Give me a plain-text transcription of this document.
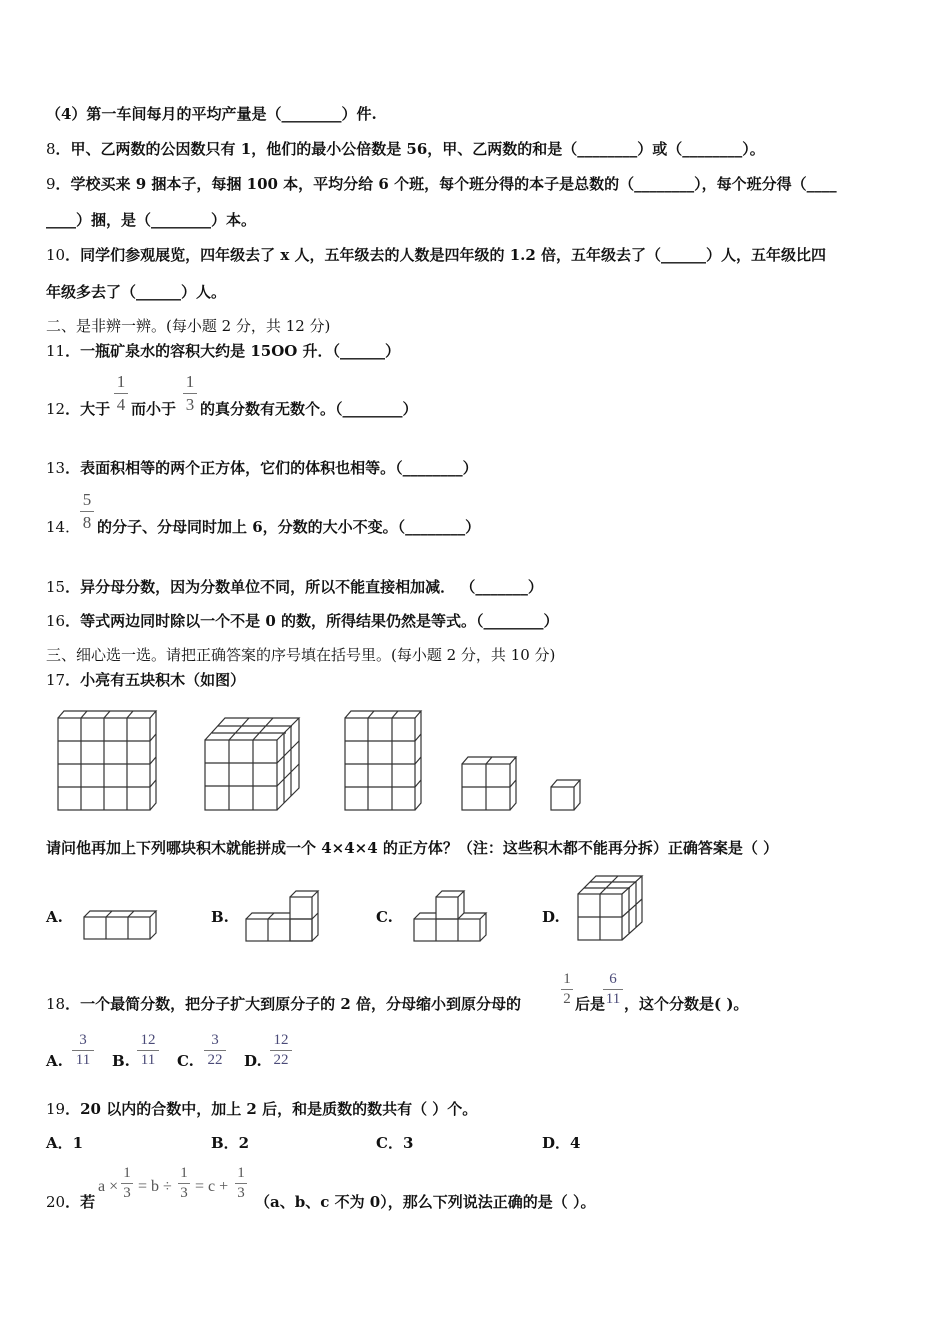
（4）第一车间每月的平均产量是（________）件.
8．甲、乙两数的公因数只有 1，他们的最小公倍数是 56，甲、乙两数的和是（________）或（________）。
9．学校买来 9 捆本子，每捆 100 本，平均分给 6 个班，每个班分得的本子是总数的（________），每个班分得（____
____）捆，是（________）本。
10．同学们参观展览，四年级去了 x 人，五年级去的人数是四年级的 1.2 倍，五年级去了（______）人，五年级比四
年级多去了（______）人。
二、是非辨一辨。(每小题 2 分，共 12 分)
11．一瓶矿泉水的容积大约是 15OO 升．（______）
12．大于
1
4 而小于
1
3 的真分数有无数个。（________）
13．表面积相等的两个正方体，它们的体积也相等。（________）
14．
5
8 的分子、分母同时加上 6，分数的大小不变。（________）
15．异分母分数，因为分数单位不同，所以不能直接相加减． （_______）
16．等式两边同时除以一个不是 0 的数，所得结果仍然是等式。（________）
三、细心选一选。请把正确答案的序号填在括号里。(每小题 2 分，共 10 分)
17．小亮有五块积木（如图）
请问他再加上下列哪块积木就能拼成一个 4×4×4 的正方体？（注：这些积木都不能再分拆）正确答案是（ ）
A.	B.	C.	D.
18．一个最简分数，把分子扩大到原分子的 2 倍，分母缩小到原分母的
1
2 后是
6
11 ，这个分数是( )。
A.
3
11 B.
12
11 C.
3
22 D.
12
22
19．20 以内的合数中，加上 2 后，和是质数的数共有（ ）个。
A．1	B．2	C．3	D．4
20．若
a ×
1
3 = b ÷
1
3 = c +
1
3 （a、b、c 不为 0），那么下列说法正确的是（ ）。
